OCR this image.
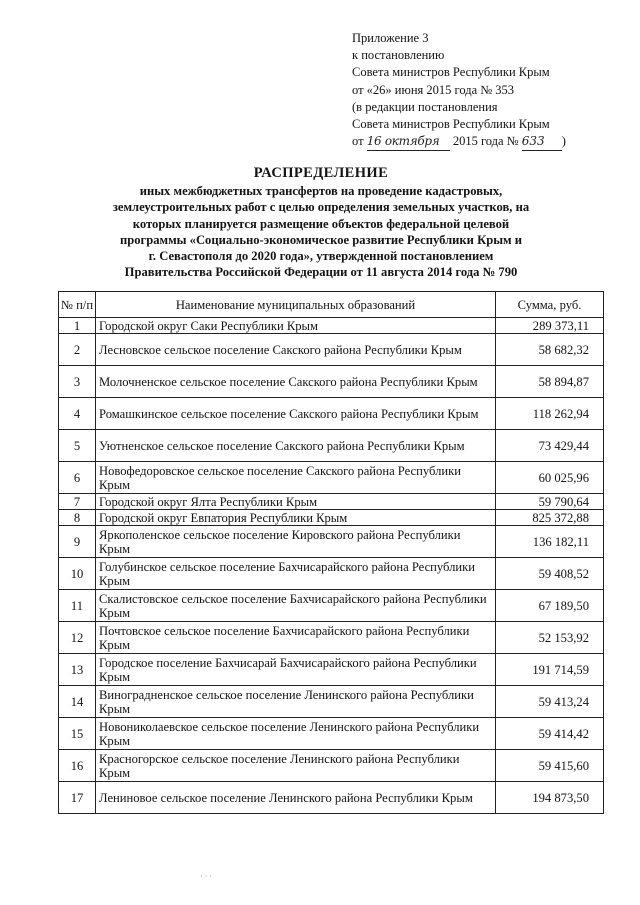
Приложение 3
к постановлению
Совета министров Республики Крым
от «26» июня 2015 года № 353
(в редакции постановления
Совета министров Республики Крым
от 16 октября 2015 года № 633 )
РАСПРЕДЕЛЕНИЕ
иных межбюджетных трансфертов на проведение кадастровых,
землеустроительных работ с целью определения земельных участков, на
которых планируется размещение объектов федеральной целевой
программы «Социально-экономическое развитие Республики Крым и
г. Севастополя до 2020 года», утвержденной постановлением
Правительства Российской Федерации от 11 августа 2014 года № 790
№ п/п	Наименование муниципальных образований	Сумма, руб.
1	Городской округ Саки Республики Крым	289 373,11
2	Лесновское сельское поселение Сакского района Республики Крым	58 682,32
3	Молочненское сельское поселение Сакского района Республики Крым	58 894,87
4	Ромашкинское сельское поселение Сакского района Республики Крым	118 262,94
5	Уютненское сельское поселение Сакского района Республики Крым	73 429,44
6	Новофедоровское сельское поселение Сакского района Республики Крым	60 025,96
7	Городской округ Ялта Республики Крым	59 790,64
8	Городской округ Евпатория Республики Крым	825 372,88
9	Яркополенское сельское поселение Кировского района Республики Крым	136 182,11
10	Голубинское сельское поселение Бахчисарайского района Республики Крым	59 408,52
11	Скалистовское сельское поселение Бахчисарайского района Республики Крым	67 189,50
12	Почтовское сельское поселение Бахчисарайского района Республики Крым	52 153,92
13	Городское поселение Бахчисарай Бахчисарайского района Республики Крым	191 714,59
14	Виноградненское сельское поселение Ленинского района Республики Крым	59 413,24
15	Новониколаевское сельское поселение Ленинского района Республики Крым	59 414,42
16	Красногорское сельское поселение Ленинского района Республики Крым	59 415,60
17	Лениновое сельское поселение Ленинского района Республики Крым	194 873,50
· · ·
